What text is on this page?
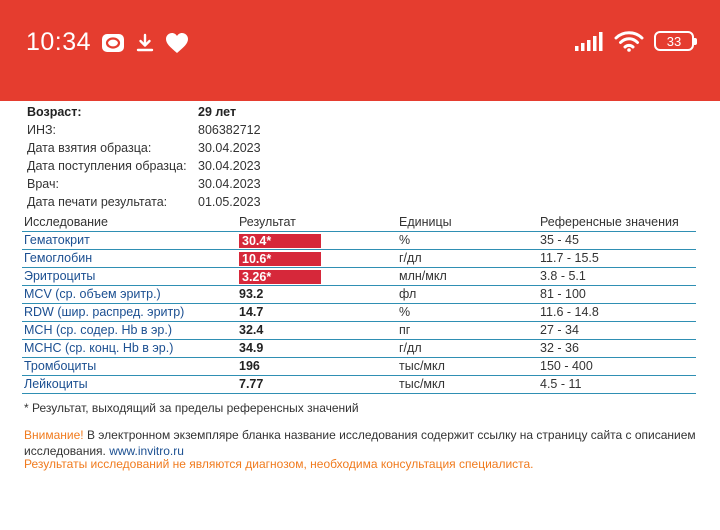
10:34	33
Возраст:	29 лет
ИНЗ:	806382712
Дата взятия образца:	30.04.2023
Дата поступления образца: 30.04.2023
Врач:	30.04.2023
Дата печати результата: 01.05.2023
Исследование	Результат	Единицы	Референсные значения
Гематокрит	30.4*	%	35 - 45
Гемоглобин	10.6*	г/дл	11.7 - 15.5
Эритроциты	3.26*	млн/мкл	3.8 - 5.1
MCV (ср. объем эритр.)	93.2	фл	81 - 100
RDW (шир. распред. эритр)	14.7	%	11.6 - 14.8
MCH (ср. содер. Hb в эр.)	32.4	пг	27 - 34
MCHC (ср. конц. Hb в эр.)	34.9	г/дл	32 - 36
Тромбоциты	196	тыс/мкл	150 - 400
Лейкоциты	7.77	тыс/мкл	4.5 - 11
* Результат, выходящий за пределы референсных значений
Внимание! В электронном экземпляре бланка название исследования содержит ссылку на страницу сайта с описанием
исследования. www.invitro.ru
Результаты исследований не являются диагнозом, необходима консультация специалиста.
